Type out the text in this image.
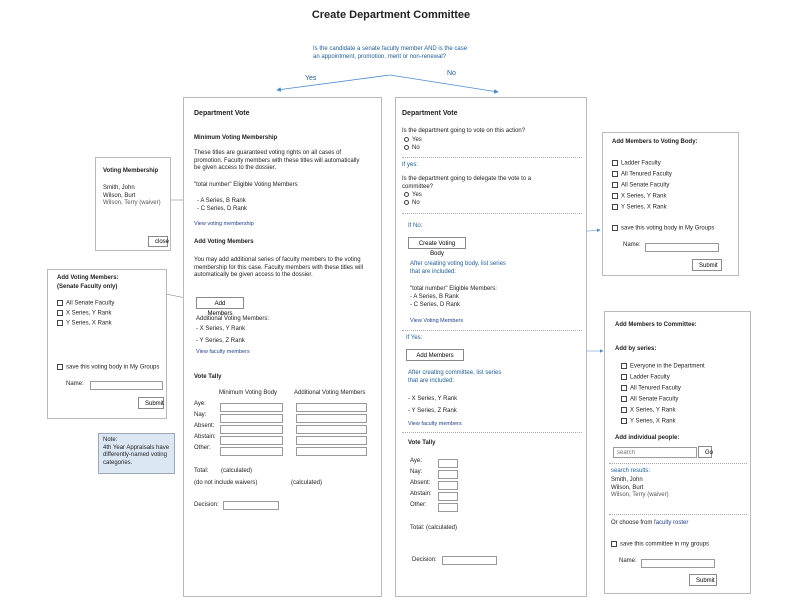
Create Department Committee
Is the candidate a senate faculty member AND is the case
an appointment, promotion, merit or non-renewal?
Yes
No
Department Vote
Minimum Voting Membership
These titles are guaranteed voting rights on all cases of
promotion. Faculty members with these titles will automatically
be given access to the dossier.
"total number" Eligible Voting Members
- A Series, B Rank
- C Series, D Rank
View voting membership
Add Voting Members
You may add additional series of faculty members to the voting
membership for this case. Faculty members with these titles will
automatically be given access to the dossier.
Add Members
Additional Voting Members:
- X Series, Y Rank
- Y Series, Z Rank
View faculty members
Vote Tally
Minimum Voting Body	Additional Voting Members
Aye:
Nay:
Absent:
Abstain:
Other:
Total: (calculated)
(do not include waivers)	(calculated)
Decision:
Voting Membership
Smith, John
Wilson, Burt
Wilson, Terry (waiver)
close
Add Voting Members:
(Senate Faculty only)
All Senate Faculty
X Series, Y Rank
Y Series, X Rank
save this voting body in My Groups
Name:
Submit
Note:
4th Year Appraisals have
differently-named voting
categories.
Department Vote
Is the department going to vote on this action?
Yes
No
If yes:
Is the department going to delegate the vote to a
committee?
Yes
No
If No:
Create Voting Body
After creating voting body, list series
that are included:
"total number" Eligible Members:
- A Series, B Rank
- C Series, D Rank
View Voting Members
If Yes:
Add Members
After creating committee, list series
that are included:
- X Series, Y Rank
- Y Series, Z Rank
View faculty members
Vote Tally
Aye:
Nay:
Absent:
Abstain:
Other:
Total: (calculated)
Decision:
Add Members to Voting Body:
Ladder Faculty
All Tenured Faculty
All Senate Faculty
X Series, Y Rank
Y Series, X Rank
save this voting body in My Groups
Name:
Submit
Add Members to Committee:
Add by series:
Everyone in the Department
Ladder Faculty
All Tenured Faculty
All Senate Faculty
X Series, Y Rank
Y Series, X Rank
Add individual people:
search
Go
search results:
Smith, John
Wilson, Burt
Wilson, Terry (waiver)
Or choose from faculty roster
save this committee in my groups
Name:
Submit
